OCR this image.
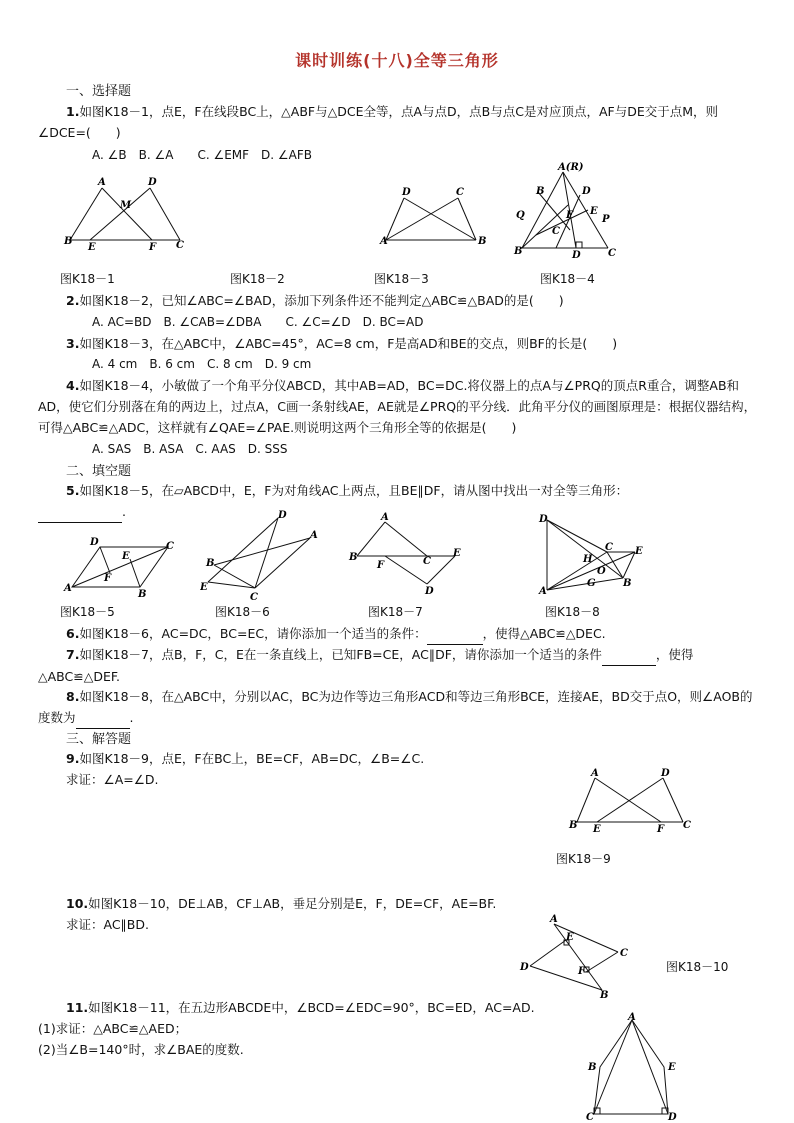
课时训练(十八)全等三角形
一、选择题
1.如图K18－1，点E，F在线段BC上，△ABF与△DCE全等，点A与点D，点B与点C是对应顶点，AF与DE交于点M，则∠DCE=(　　)
A. ∠B　B. ∠A　　C. ∠EMF　D. ∠AFB
A	D
M
B
E	F C
D	C
A	B
A(R)
B	D
Q	F E
P
C
B	D	C
图K18－1	图K18－2	图K18－3	图K18－4
2.如图K18－2，已知∠ABC=∠BAD，添加下列条件还不能判定△ABC≌△BAD的是(　　)
A. AC=BD　B. ∠CAB=∠DBA　　C. ∠C=∠D　D. BC=AD
3.如图K18－3，在△ABC中，∠ABC=45°，AC=8 cm，F是高AD和BE的交点，则BF的长是(　　)
A. 4 cm　B. 6 cm　C. 8 cm　D. 9 cm
4.如图K18－4，小敏做了一个角平分仪ABCD，其中AB=AD，BC=DC.将仪器上的点A与∠PRQ的顶点R重合，调整AB和AD，使它们分别落在角的两边上，过点A，C画一条射线AE，AE就是∠PRQ的平分线．此角平分仪的画图原理是：根据仪器结构，可得△ABC≌△ADC，这样就有∠QAE=∠PAE.则说明这两个三角形全等的依据是(　　)
A. SAS　B. ASA　C. AAS　D. SSS
二、填空题
5.如图K18－5，在▱ABCD中，E，F为对角线AC上两点，且BE∥DF，请从图中找出一对全等三角形：
.
D	C
E
F
A
B
D
A
B
E
C
A
B
F	C
E
D
D
C E
H
O
G
A
B
图K18－5	图K18－6	图K18－7	图K18－8
6.如图K18－6，AC=DC，BC=EC，请你添加一个适当的条件：	，使得△ABC≌△DEC.
7.如图K18－7，点B，F，C，E在一条直线上，已知FB=CE，AC∥DF，请你添加一个适当的条件	，使得△ABC≌△DEF.
8.如图K18－8，在△ABC中，分别以AC，BC为边作等边三角形ACD和等边三角形BCE，连接AE，BD交于点O，则∠AOB的度数为	.
三、解答题
9.如图K18－9，点E，F在BC上，BE=CF，AB=DC，∠B=∠C.
求证：∠A=∠D.	A	D
B E	F C
图K18－9
10.如图K18－10，DE⊥AB，CF⊥AB，垂足分别是E，F，DE=CF，AE=BF.
求证：AC∥BD.	A
E
C
D	F
B
图K18－10
11.如图K18－11，在五边形ABCDE中，∠BCD=∠EDC=90°，BC=ED，AC=AD.
(1)求证：△ABC≌△AED；
(2)当∠B=140°时，求∠BAE的度数.
A
B	E
C	D
